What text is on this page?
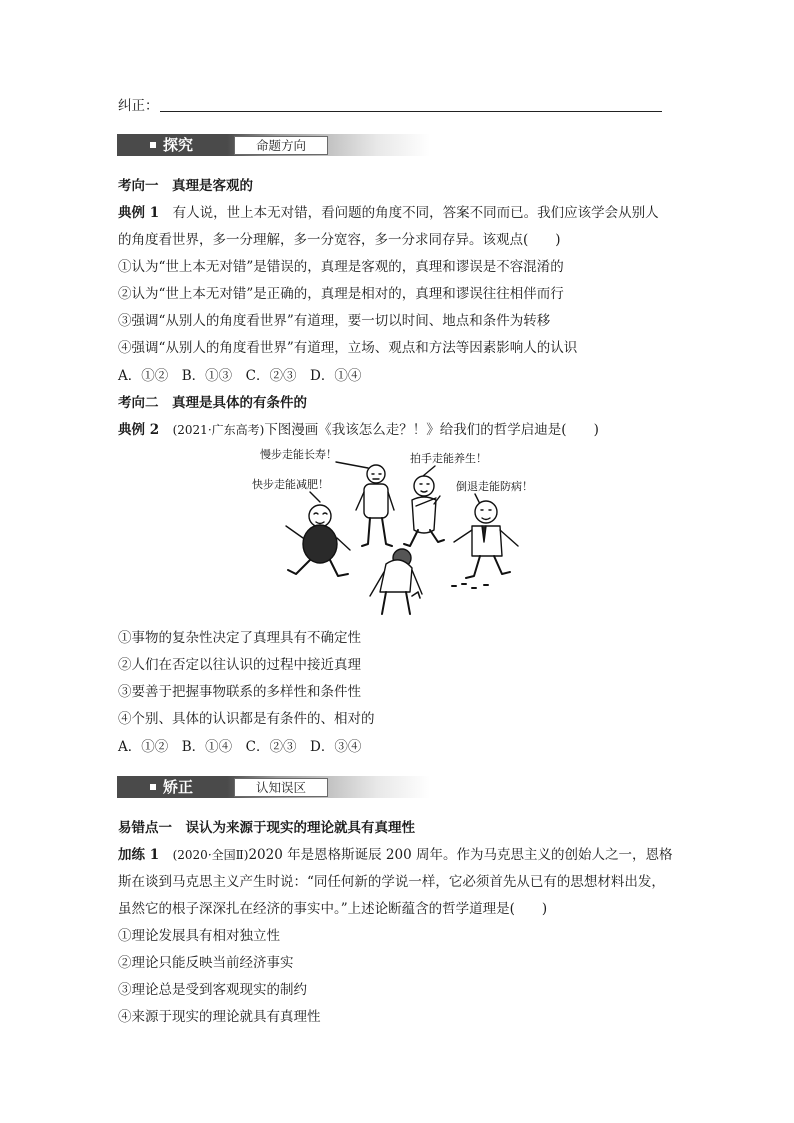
纠正：
探究	命题方向
考向一　 真理是客观的
典例 1　 有人说，世上本无对错，看问题的角度不同，答案不同而已。我们应该学会从别人
的角度看世界，多一分理解，多一分宽容，多一分求同存异。该观点(　　)
①认为“世上本无对错”是错误的，真理是客观的，真理和谬误是不容混淆的
②认为“世上本无对错”是正确的，真理是相对的，真理和谬误往往相伴而行
③强调“从别人的角度看世界”有道理，要一切以时间、地点和条件为转移
④强调“从别人的角度看世界”有道理，立场、观点和方法等因素影响人的认识
A．①②　B．①③　C．②③　D．①④
考向二　 真理是具体的有条件的
典例 2　 (2021·广东高考)下图漫画《我该怎么走？！》给我们的哲学启迪是(　　)
慢步走能长寿！	拍手走能养生！
快步走能减肥！	倒退走能防病！
①事物的复杂性决定了真理具有不确定性
②人们在否定以往认识的过程中接近真理
③要善于把握事物联系的多样性和条件性
④个别、具体的认识都是有条件的、相对的
A．①②　B．①④　C．②③　D．③④
矫正	认知误区
易错点一　 误认为来源于现实的理论就具有真理性
加练 1　 (2020·全国Ⅱ)2020 年是恩格斯诞辰 200 周年。作为马克思主义的创始人之一，恩格
斯在谈到马克思主义产生时说：“同任何新的学说一样，它必须首先从已有的思想材料出发，
虽然它的根子深深扎在经济的事实中。”上述论断蕴含的哲学道理是(　　)
①理论发展具有相对独立性
②理论只能反映当前经济事实
③理论总是受到客观现实的制约
④来源于现实的理论就具有真理性
